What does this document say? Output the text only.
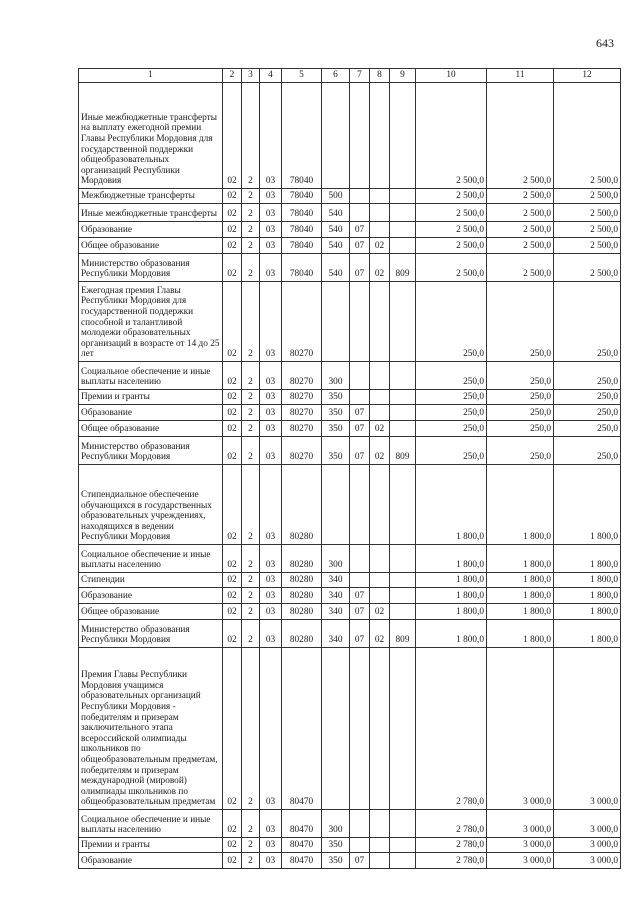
643
1	2	3	4	5	6	7	8	9	10	11	12
Иные межбюджетные трансферты на выплату ежегодной премии Главы Республики Мордовия для государственной поддержки общеобразовательных организаций Республики Мордовия	02	2	03	78040					2 500,0	2 500,0	2 500,0
Межбюджетные трансферты	02	2	03	78040	500				2 500,0	2 500,0	2 500,0
Иные межбюджетные трансферты	02	2	03	78040	540				2 500,0	2 500,0	2 500,0
Образование	02	2	03	78040	540	07			2 500,0	2 500,0	2 500,0
Общее образование	02	2	03	78040	540	07	02		2 500,0	2 500,0	2 500,0
Министерство образования Республики Мордовия	02	2	03	78040	540	07	02	809	2 500,0	2 500,0	2 500,0
Ежегодная премия Главы Республики Мордовия для государственной поддержки способной и талантливой молодежи образовательных организаций в возрасте от 14 до 25 лет	02	2	03	80270					250,0	250,0	250,0
Социальное обеспечение и иные выплаты населению	02	2	03	80270	300				250,0	250,0	250,0
Премии и гранты	02	2	03	80270	350				250,0	250,0	250,0
Образование	02	2	03	80270	350	07			250,0	250,0	250,0
Общее образование	02	2	03	80270	350	07	02		250,0	250,0	250,0
Министерство образования Республики Мордовия	02	2	03	80270	350	07	02	809	250,0	250,0	250,0
Стипендиальное обеспечение обучающихся в государственных образовательных учреждениях, находящихся в ведении Республики Мордовия	02	2	03	80280					1 800,0	1 800,0	1 800,0
Социальное обеспечение и иные выплаты населению	02	2	03	80280	300				1 800,0	1 800,0	1 800,0
Стипендии	02	2	03	80280	340				1 800,0	1 800,0	1 800,0
Образование	02	2	03	80280	340	07			1 800,0	1 800,0	1 800,0
Общее образование	02	2	03	80280	340	07	02		1 800,0	1 800,0	1 800,0
Министерство образования Республики Мордовия	02	2	03	80280	340	07	02	809	1 800,0	1 800,0	1 800,0
Премия Главы Республики Мордовия учащимся образовательных организаций Республики Мордовия - победителям и призерам заключительного этапа всероссийской олимпиады школьников по общеобразовательным предметам, победителям и призерам международной (мировой) олимпиады школьников по общеобразовательным предметам	02	2	03	80470					2 780,0	3 000,0	3 000,0
Социальное обеспечение и иные выплаты населению	02	2	03	80470	300				2 780,0	3 000,0	3 000,0
Премии и гранты	02	2	03	80470	350				2 780,0	3 000,0	3 000,0
Образование	02	2	03	80470	350	07			2 780,0	3 000,0	3 000,0
